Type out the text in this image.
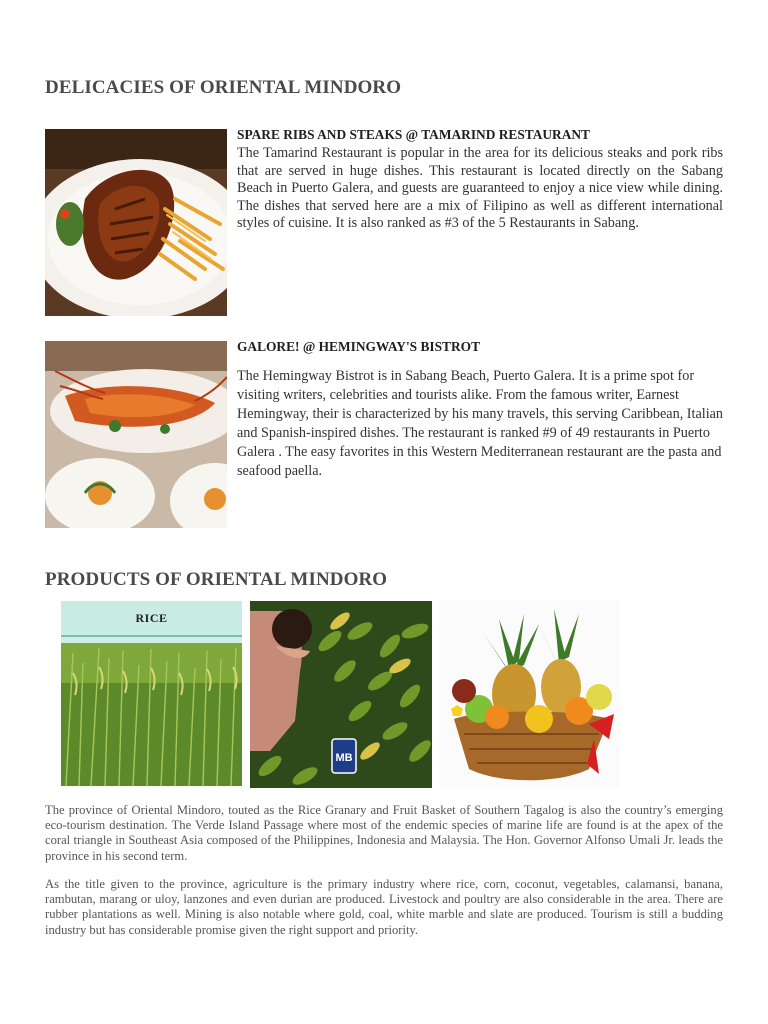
DELICACIES OF ORIENTAL MINDORO

SPARE RIBS AND STEAKS @ TAMARIND RESTAURANT

The Tamarind Restaurant is popular in the area for its delicious steaks and pork ribs that are served in huge dishes. This restaurant is located directly on the Sabang Beach in Puerto Galera, and guests are guaranteed to enjoy a nice view while dining. The dishes that served here are a mix of Filipino as well as different international styles of cuisine. It is also ranked as #3 of the 5 Restaurants in Sabang.

GALORE! @ HEMINGWAY'S BISTROT

The Hemingway Bistrot is in Sabang Beach, Puerto Galera. It is a prime spot for visiting writers, celebrities and tourists alike. From the famous writer, Earnest Hemingway, their is characterized by his many travels, this serving Caribbean, Italian and Spanish-inspired dishes. The restaurant is ranked #9 of 49 restaurants in Puerto Galera . The easy favorites in this Western Mediterranean restaurant are the pasta and seafood paella.

PRODUCTS OF ORIENTAL MINDORO
RICE
MB

The province of Oriental Mindoro, touted as the Rice Granary and Fruit Basket of Southern Tagalog is also the country’s emerging eco-tourism destination. The Verde Island Passage where most of the endemic species of marine life are found is at the apex of the coral triangle in Southeast Asia composed of the Philippines, Indonesia and Malaysia. The Hon. Governor Alfonso Umali Jr. leads the province in his second term.

As the title given to the province, agriculture is the primary industry where rice, corn, coconut, vegetables, calamansi, banana, rambutan, marang or uloy, lanzones and even durian are produced. Livestock and poultry are also considerable in the area. There are rubber plantations as well. Mining is also notable where gold, coal, white marble and slate are produced. Tourism is still a budding industry but has considerable promise given the right support and priority.
